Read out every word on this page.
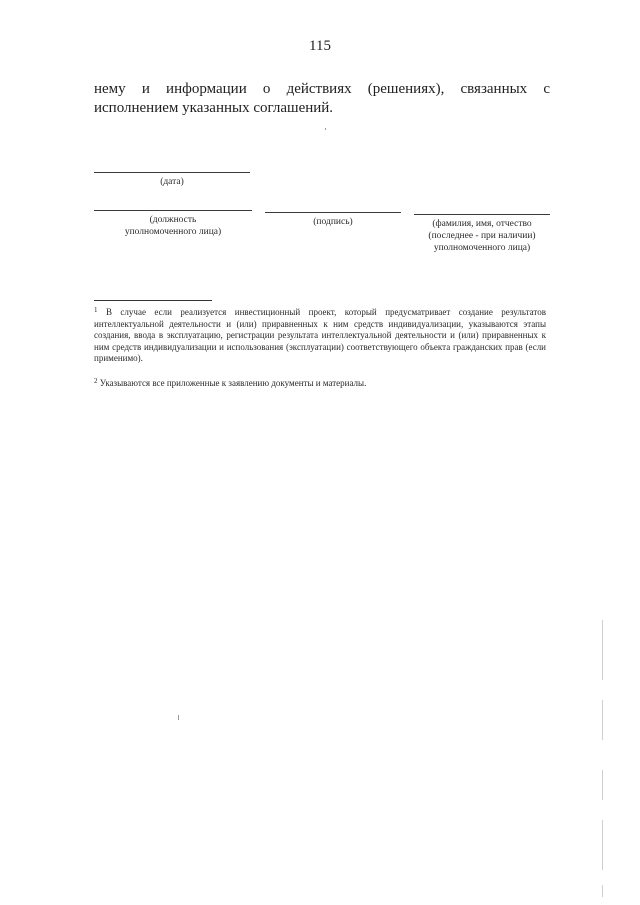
115
нему и информации о действиях (решениях), связанных с исполнением указанных соглашений.
(дата)
(должность
уполномоченного лица)
(подпись)	(фамилия, имя, отчество
(последнее - при наличии)
уполномоченного лица)
$^1$ В случае если реализуется инвестиционный проект, который предусматривает создание результатов интеллектуальной деятельности и (или) приравненных к ним средств индивидуализации, указываются этапы создания, ввода в эксплуатацию, регистрации результата интеллектуальной деятельности и (или) приравненных к ним средств индивидуализации и использования (эксплуатации) соответствующего объекта гражданских прав (если применимо).
$^2$ Указываются все приложенные к заявлению документы и материалы.
